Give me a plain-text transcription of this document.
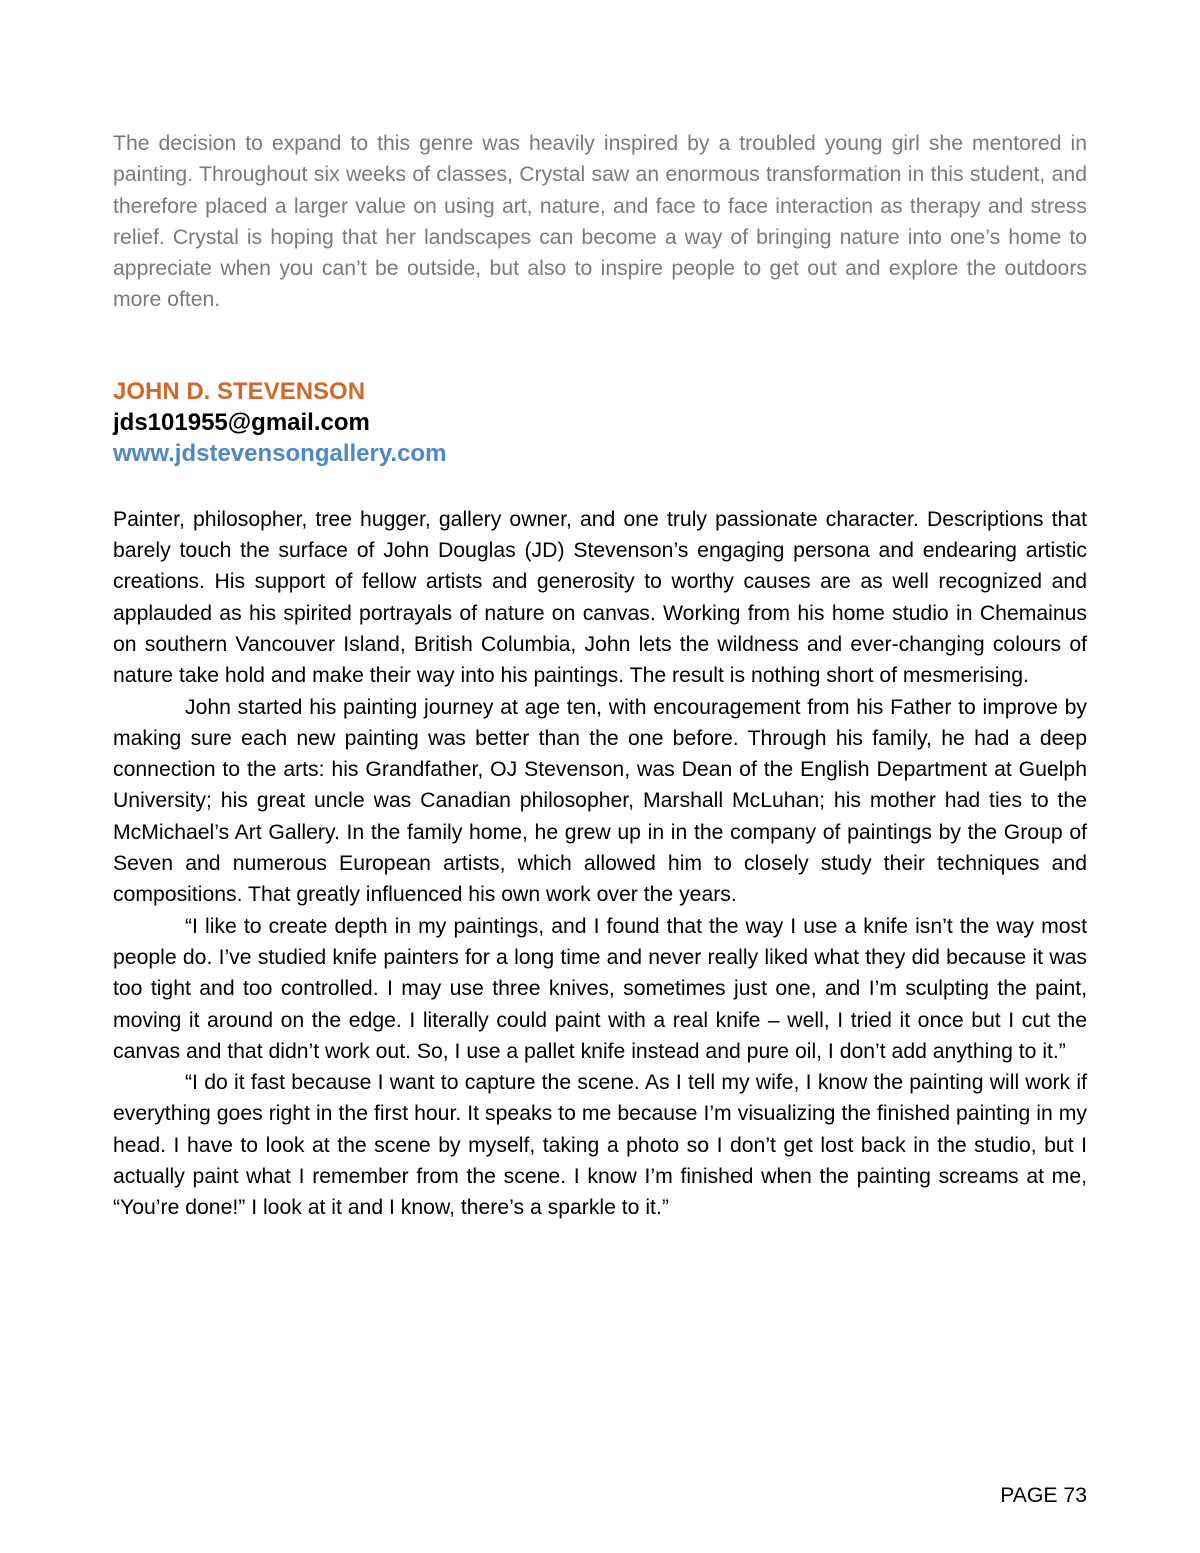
The decision to expand to this genre was heavily inspired by a troubled young girl she mentored in painting. Throughout six weeks of classes, Crystal saw an enormous transformation in this student, and therefore placed a larger value on using art, nature, and face to face interaction as therapy and stress relief. Crystal is hoping that her landscapes can become a way of bringing nature into one’s home to appreciate when you can’t be outside, but also to inspire people to get out and explore the outdoors more often.

JOHN D. STEVENSON

jds101955@gmail.com

www.jdstevensongallery.com

Painter, philosopher, tree hugger, gallery owner, and one truly passionate character. Descriptions that barely touch the surface of John Douglas (JD) Stevenson’s engaging persona and endearing artistic creations. His support of fellow artists and generosity to worthy causes are as well recognized and applauded as his spirited portrayals of nature on canvas. Working from his home studio in Chemainus on southern Vancouver Island, British Columbia, John lets the wildness and ever-changing colours of nature take hold and make their way into his paintings. The result is nothing short of mesmerising.

John started his painting journey at age ten, with encouragement from his Father to improve by making sure each new painting was better than the one before. Through his family, he had a deep connection to the arts: his Grandfather, OJ Stevenson, was Dean of the English Department at Guelph University; his great uncle was Canadian philosopher, Marshall McLuhan; his mother had ties to the McMichael’s Art Gallery. In the family home, he grew up in in the company of paintings by the Group of Seven and numerous European artists, which allowed him to closely study their techniques and compositions. That greatly influenced his own work over the years.

“I like to create depth in my paintings, and I found that the way I use a knife isn’t the way most people do. I’ve studied knife painters for a long time and never really liked what they did because it was too tight and too controlled. I may use three knives, sometimes just one, and I’m sculpting the paint, moving it around on the edge. I literally could paint with a real knife – well, I tried it once but I cut the canvas and that didn’t work out. So, I use a pallet knife instead and pure oil, I don’t add anything to it.”

“I do it fast because I want to capture the scene. As I tell my wife, I know the painting will work if everything goes right in the first hour. It speaks to me because I’m visualizing the finished painting in my head. I have to look at the scene by myself, taking a photo so I don’t get lost back in the studio, but I actually paint what I remember from the scene. I know I’m finished when the painting screams at me, “You’re done!” I look at it and I know, there’s a sparkle to it.”

PAGE 73
